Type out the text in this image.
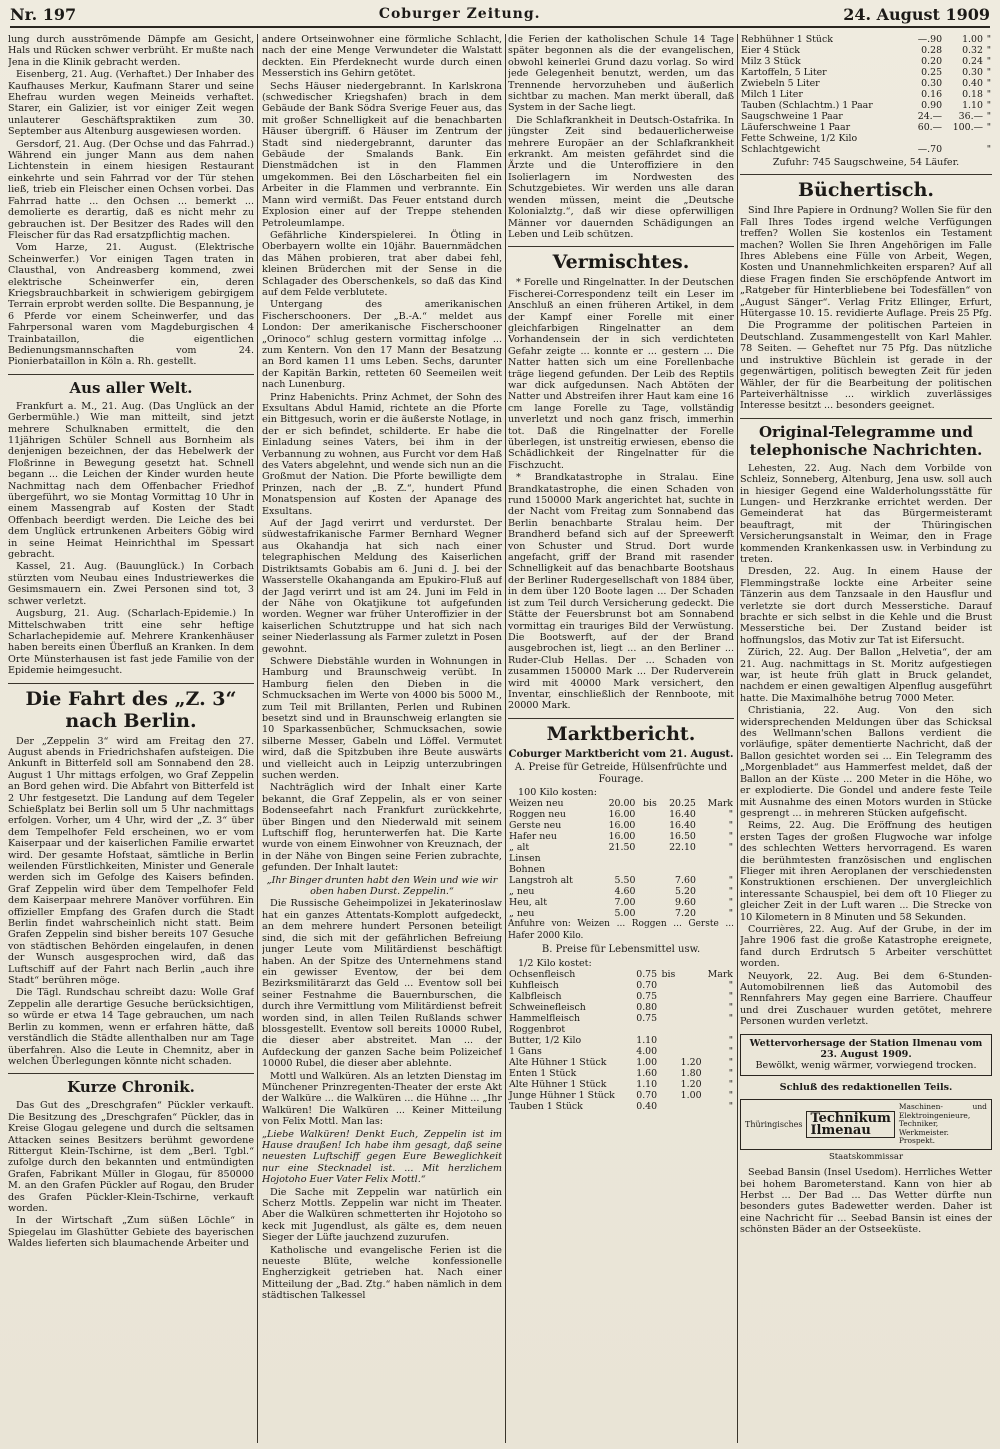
Nr. 197	Coburger Zeitung.	24. August 1909

lung durch ausströmende Dämpfe am Gesicht, Hals und Rücken schwer verbrüht. Er mußte nach Jena in die Klinik gebracht werden.

Eisenberg, 21. Aug. (Verhaftet.) Der Inhaber des Kaufhauses Merkur, Kaufmann Starer und seine Ehefrau wurden wegen Meineids verhaftet. Starer, ein Galizier, ist vor einiger Zeit wegen unlauterer Geschäftspraktiken zum 30. September aus Altenburg ausgewiesen worden.

Gersdorf, 21. Aug. (Der Ochse und das Fahrrad.) Während ein junger Mann aus dem nahen Lichtenstein in einem hiesigen Restaurant einkehrte und sein Fahrrad vor der Tür stehen ließ, trieb ein Fleischer einen Ochsen vorbei. Das Fahrrad hatte ... den Ochsen ... bemerkt ... demolierte es derartig, daß es nicht mehr zu gebrauchen ist. Der Besitzer des Rades will den Fleischer für das Rad ersatzpflichtig machen.

Vom Harze, 21. August. (Elektrische Scheinwerfer.) Vor einigen Tagen traten in Clausthal, von Andreasberg kommend, zwei elektrische Scheinwerfer ein, deren Kriegsbrauchbarkeit in schwierigem gebirgigem Terrain erprobt werden sollte. Die Bespannung, je 6 Pferde vor einem Scheinwerfer, und das Fahrpersonal waren vom Magdeburgischen 4 Trainbataillon, die eigentlichen Bedienungsmannschaften vom 24. Pionierbataillon in Köln a. Rh. gestellt.

Aus aller Welt.

Frankfurt a. M., 21. Aug. (Das Unglück an der Gerbermühle.) Wie man mitteilt, sind jetzt mehrere Schulknaben ermittelt, die den 11jährigen Schüler Schnell aus Bornheim als denjenigen bezeichnen, der das Hebelwerk der Floßrinne in Bewegung gesetzt hat. Schnell begann ... die Leichen der Kinder wurden heute Nachmittag nach dem Offenbacher Friedhof übergeführt, wo sie Montag Vormittag 10 Uhr in einem Massengrab auf Kosten der Stadt Offenbach beerdigt werden. Die Leiche des bei dem Unglück ertrunkenen Arbeiters Göbig wird in seine Heimat Heinrichthal im Spessart gebracht.

Kassel, 21. Aug. (Bauunglück.) In Corbach stürzten vom Neubau eines Industriewerkes die Gesimsmauern ein. Zwei Personen sind tot, 3 schwer verletzt.

Augsburg, 21. Aug. (Scharlach-Epidemie.) In Mittelschwaben tritt eine sehr heftige Scharlachepidemie auf. Mehrere Krankenhäuser haben bereits einen Überfluß an Kranken. In dem Orte Münsterhausen ist fast jede Familie von der Epidemie heimgesucht.

Die Fahrt des „Z. 3“ nach Berlin.

Der „Zeppelin 3“ wird am Freitag den 27. August abends in Friedrichshafen aufsteigen. Die Ankunft in Bitterfeld soll am Sonnabend den 28. August 1 Uhr mittags erfolgen, wo Graf Zeppelin an Bord gehen wird. Die Abfahrt von Bitterfeld ist 2 Uhr festgesetzt. Die Landung auf dem Tegeler Schießplatz bei Berlin soll um 5 Uhr nachmittags erfolgen. Vorher, um 4 Uhr, wird der „Z. 3“ über dem Tempelhofer Feld erscheinen, wo er vom Kaiserpaar und der kaiserlichen Familie erwartet wird. Der gesamte Hofstaat, sämtliche in Berlin weilenden Fürstlichkeiten, Minister und Generale werden sich im Gefolge des Kaisers befinden. Graf Zeppelin wird über dem Tempelhofer Feld dem Kaiserpaar mehrere Manöver vorführen. Ein offizieller Empfang des Grafen durch die Stadt Berlin findet wahrscheinlich nicht statt. Beim Grafen Zeppelin sind bisher bereits 107 Gesuche von städtischen Behörden eingelaufen, in denen der Wunsch ausgesprochen wird, daß das Luftschiff auf der Fahrt nach Berlin „auch ihre Stadt“ berühren möge.

Die Tägl. Rundschau schreibt dazu: Wolle Graf Zeppelin alle derartige Gesuche berücksichtigen, so würde er etwa 14 Tage gebrauchen, um nach Berlin zu kommen, wenn er erfahren hätte, daß verständlich die Städte allenthalben nur am Tage überfahren. Also die Leute in Chemnitz, aber in welchen Überlegungen könnte nicht schaden.

Kurze Chronik.

Das Gut des „Dreschgrafen“ Pückler verkauft. Die Besitzung des „Dreschgrafen“ Pückler, das in Kreise Glogau gelegene und durch die seltsamen Attacken seines Besitzers berühmt gewordene Rittergut Klein-Tschirne, ist dem „Berl. Tgbl.“ zufolge durch den bekannten und entmündigten Grafen, Fabrikant Müller in Glogau, für 850000 M. an den Grafen Pückler auf Rogau, den Bruder des Grafen Pückler-Klein-Tschirne, verkauft worden.

In der Wirtschaft „Zum süßen Löchle“ in Spiegelau im Glashütter Gebiete des bayerischen Waldes lieferten sich blaumachende Arbeiter und

andere Ortseinwohner eine förmliche Schlacht, nach der eine Menge Verwundeter die Walstatt deckten. Ein Pferdeknecht wurde durch einen Messerstich ins Gehirn getötet.

Sechs Häuser niedergebrannt. In Karlskrona (schwedischer Kriegshafen) brach in dem Gebäude der Bank Södra Sverige Feuer aus, das mit großer Schnelligkeit auf die benachbarten Häuser übergriff. 6 Häuser im Zentrum der Stadt sind niedergebrannt, darunter das Gebäude der Smalands Bank. Ein Dienstmädchen ist in den Flammen umgekommen. Bei den Löscharbeiten fiel ein Arbeiter in die Flammen und verbrannte. Ein Mann wird vermißt. Das Feuer entstand durch Explosion einer auf der Treppe stehenden Petroleumlampe.

Gefährliche Kinderspielerei. In Ötling in Oberbayern wollte ein 10jähr. Bauernmädchen das Mähen probieren, trat aber dabei fehl, kleinen Brüderchen mit der Sense in die Schlagader des Oberschenkels, so daß das Kind auf dem Felde verblutete.

Untergang des amerikanischen Fischerschooners. Der „B.-A.“ meldet aus London: Der amerikanische Fischerschooner „Orinoco“ schlug gestern vormittag infolge ... zum Kentern. Von den 17 Mann der Besatzung an Bord kamen 11 ums Leben. Sechs, darunter der Kapitän Barkin, retteten 60 Seemeilen weit nach Lunenburg.

Prinz Habenichts. Prinz Achmet, der Sohn des Exsultans Abdul Hamid, richtete an die Pforte ein Bittgesuch, worin er die äußerste Notlage, in der er sich befindet, schilderte. Er habe die Einladung seines Vaters, bei ihm in der Verbannung zu wohnen, aus Furcht vor dem Haß des Vaters abgelehnt, und wende sich nun an die Großmut der Nation. Die Pforte bewilligte dem Prinzen, nach der „B. Z.“, hundert Pfund Monatspension auf Kosten der Apanage des Exsultans.

Auf der Jagd verirrt und verdurstet. Der südwestafrikanische Farmer Bernhard Wegner aus Okahandja hat sich nach einer telegraphischen Meldung des Kaiserlichen Distriktsamts Gobabis am 6. Juni d. J. bei der Wasserstelle Okahanganda am Epukiro-Fluß auf der Jagd verirrt und ist am 24. Juni im Feld in der Nähe von Okatjikune tot aufgefunden worden. Wegner war früher Unteroffizier in der kaiserlichen Schutztruppe und hat sich nach seiner Niederlassung als Farmer zuletzt in Posen gewohnt.

Schwere Diebstähle wurden in Wohnungen in Hamburg und Braunschweig verübt. In Hamburg fielen den Dieben in die Schmucksachen im Werte von 4000 bis 5000 M., zum Teil mit Brillanten, Perlen und Rubinen besetzt sind und in Braunschweig erlangten sie 10 Sparkassenbücher, Schmucksachen, sowie silberne Messer, Gabeln und Löffel. Vermutet wird, daß die Spitzbuben ihre Beute auswärts und vielleicht auch in Leipzig unterzubringen suchen werden.

Nachträglich wird der Inhalt einer Karte bekannt, die Graf Zeppelin, als er von seiner Bodenseefahrt nach Frankfurt zurückkehrte, über Bingen und den Niederwald mit seinem Luftschiff flog, herunterwerfen hat. Die Karte wurde von einem Einwohner von Kreuznach, der in der Nähe von Bingen seine Ferien zubrachte, gefunden. Der Inhalt lautet:

„Ihr Binger drunten habt den Wein und wie wir oben haben Durst. Zeppelin.“

Die Russische Geheimpolizei in Jekaterinoslaw hat ein ganzes Attentats-Komplott aufgedeckt, an dem mehrere hundert Personen beteiligt sind, die sich mit der gefährlichen Befreiung junger Leute vom Militärdienst beschäftigt haben. An der Spitze des Unternehmens stand ein gewisser Eventow, der bei dem Bezirksmilitärarzt das Geld ... Eventow soll bei seiner Festnahme die Bauernburschen, die durch ihre Vermittlung vom Militärdienst befreit worden sind, in allen Teilen Rußlands schwer blossgestellt. Eventow soll bereits 10000 Rubel, die dieser aber abstreitet. Man ... der Aufdeckung der ganzen Sache beim Polizeichef 10000 Rubel, die dieser aber ablehnte.

Mottl und Walküren. Als an letzten Dienstag im Münchener Prinzregenten-Theater der erste Akt der Walküre ... die Walküren ... die Hühne ... „Ihr Walküren! Die Walküren ... Keiner Mitteilung von Felix Mottl. Man las:

„Liebe Walküren! Denkt Euch, Zeppelin ist im Hause draußen! Ich habe ihm gesagt, daß seine neuesten Luftschiff gegen Eure Beweglichkeit nur eine Stecknadel ist. ... Mit herzlichem Hojotoho Euer Vater Felix Mottl.“

Die Sache mit Zeppelin war natürlich ein Scherz Mottls. Zeppelin war nicht im Theater. Aber die Walküren schmetterten ihr Hojotoho so keck mit Jugendlust, als gälte es, dem neuen Sieger der Lüfte jauchzend zuzurufen.

Katholische und evangelische Ferien ist die neueste Blüte, welche konfessionelle Engherzigkeit getrieben hat. Nach einer Mitteilung der „Bad. Ztg.“ haben nämlich in dem städtischen Talkessel

die Ferien der katholischen Schule 14 Tage später begonnen als die der evangelischen, obwohl keinerlei Grund dazu vorlag. So wird jede Gelegenheit benutzt, werden, um das Trennende hervorzuheben und äußerlich sichtbar zu machen. Man merkt überall, daß System in der Sache liegt.

Die Schlafkrankheit in Deutsch-Ostafrika. In jüngster Zeit sind bedauerlicherweise mehrere Europäer an der Schlafkrankheit erkrankt. Am meisten gefährdet sind die Ärzte und die Unteroffiziere in den Isolierlagern im Nordwesten des Schutzgebietes. Wir werden uns alle daran wenden müssen, meint die „Deutsche Kolonialztg.“, daß wir diese opferwilligen Männer vor dauernden Schädigungen an Leben und Leib schützen.

Vermischtes.

* Forelle und Ringelnatter. In der Deutschen Fischerei-Correspondenz teilt ein Leser im Anschluß an einen früheren Artikel, in dem der Kampf einer Forelle mit einer gleichfarbigen Ringelnatter an dem Vorhandensein der in sich verdichteten Gefahr zeigte ... konnte er ... gestern ... Die Natter hatten sich um eine Forellenbache träge liegend gefunden. Der Leib des Reptils war dick aufgedunsen. Nach Abtöten der Natter und Abstreifen ihrer Haut kam eine 16 cm lange Forelle zu Tage, vollständig unverletzt und noch ganz frisch, immerhin tot. Daß die Ringelnatter der Forelle überlegen, ist unstreitig erwiesen, ebenso die Schädlichkeit der Ringelnatter für die Fischzucht.

* Brandkatastrophe in Stralau. Eine Brandkatastrophe, die einen Schaden von rund 150000 Mark angerichtet hat, suchte in der Nacht vom Freitag zum Sonnabend das Berlin benachbarte Stralau heim. Der Brandherd befand sich auf der Spreewerft von Schuster und Strud. Dort wurde angefacht, griff der Brand mit rasender Schnelligkeit auf das benachbarte Bootshaus der Berliner Rudergesellschaft von 1884 über, in dem über 120 Boote lagen ... Der Schaden ist zum Teil durch Versicherung gedeckt. Die Stätte der Feuersbrunst bot am Sonnabend vormittag ein trauriges Bild der Verwüstung. Die Bootswerft, auf der der Brand ausgebrochen ist, liegt ... an den Berliner ... Ruder-Club Hellas. Der ... Schaden von zusammen 150000 Mark ... Der Ruderverein wird mit 40000 Mark versichert, den Inventar, einschließlich der Rennboote, mit 20000 Mark.

Marktbericht.
Coburger Marktbericht vom 21. August.
A. Preise für Getreide, Hülsenfrüchte und Fourage.
100 Kilo kosten:
Weizen neu	20.00	bis	20.25	Mark
Roggen neu	16.00		16.40	"
Gerste neu	16.00		16.40	"
Hafer neu	16.00		16.50	"
„ alt	21.50		22.10	"
Linsen				
Bohnen				
Langstroh alt	5.50		7.60	"
„ neu	4.60		5.20	"
Heu, alt	7.00		9.60	"
„ neu	5.00		7.20	"
Anfuhre von: Weizen ... Roggen ... Gerste ... Hafer 2000 Kilo.
B. Preise für Lebensmittel usw.
1/2 Kilo kostet:
Ochsenfleisch	0.75	bis		Mark
Kuhfleisch	0.70			"
Kalbfleisch	0.75			"
Schweinefleisch	0.80			"
Hammelfleisch	0.75			"
Roggenbrot				
Butter, 1/2 Kilo	1.10			"
1 Gans	4.00			"
Alte Hühner 1 Stück	1.00		1.20	"
Enten 1 Stück	1.60		1.80	"
Alte Hühner 1 Stück	1.10		1.20	"
Junge Hühner 1 Stück	0.70		1.00	"
Tauben 1 Stück	0.40			"
Rebhühner 1 Stück	—.90	1.00	"
Eier 4 Stück	0.28	0.32	"
Milz 3 Stück	0.20	0.24	"
Kartoffeln, 5 Liter	0.25	0.30	"
Zwiebeln 5 Liter	0.30	0.40	"
Milch 1 Liter	0.16	0.18	"
Tauben (Schlachtm.) 1 Paar	0.90	1.10	"
Saugschweine 1 Paar	24.—	36.—	"
Läuferschweine 1 Paar	60.—	100.—	"
Fette Schweine, 1/2 Kilo			
Schlachtgewicht	—.70		"
Zufuhr: 745 Saugschweine, 54 Läufer.
Büchertisch.

Sind Ihre Papiere in Ordnung? Wollen Sie für den Fall Ihres Todes irgend welche Verfügungen treffen? Wollen Sie kostenlos ein Testament machen? Wollen Sie Ihren Angehörigen im Falle Ihres Ablebens eine Fülle von Arbeit, Wegen, Kosten und Unannehmlichkeiten ersparen? Auf all diese Fragen finden Sie erschöpfende Antwort im „Ratgeber für Hinterbliebene bei Todesfällen“ von „August Sänger“. Verlag Fritz Ellinger, Erfurt, Hütergasse 10. 15. revidierte Auflage. Preis 25 Pfg.

Die Programme der politischen Parteien in Deutschland. Zusammengestellt von Karl Mahler. 78 Seiten. — Geheftet nur 75 Pfg. Das nützliche und instruktive Büchlein ist gerade in der gegenwärtigen, politisch bewegten Zeit für jeden Wähler, der für die Bearbeitung der politischen Parteiverhältnisse ... wirklich zuverlässiges Interesse besitzt ... besonders geeignet.

Original-Telegramme und telephonische Nachrichten.

Lehesten, 22. Aug. Nach dem Vorbilde von Schleiz, Sonneberg, Altenburg, Jena usw. soll auch in hiesiger Gegend eine Walderholungsstätte für Lungen- und Herzkranke errichtet werden. Der Gemeinderat hat das Bürgermeisteramt beauftragt, mit der Thüringischen Versicherungsanstalt in Weimar, den in Frage kommenden Krankenkassen usw. in Verbindung zu treten.

Dresden, 22. Aug. In einem Hause der Flemmingstraße lockte eine Arbeiter seine Tänzerin aus dem Tanzsaale in den Hausflur und verletzte sie dort durch Messerstiche. Darauf brachte er sich selbst in die Kehle und die Brust Messerstiche bei. Der Zustand beider ist hoffnungslos, das Motiv zur Tat ist Eifersucht.

Zürich, 22. Aug. Der Ballon „Helvetia“, der am 21. Aug. nachmittags in St. Moritz aufgestiegen war, ist heute früh glatt in Bruck gelandet, nachdem er einen gewaltigen Alpenflug ausgeführt hatte. Die Maximalhöhe betrug 7000 Meter.

Christiania, 22. Aug. Von den sich widersprechenden Meldungen über das Schicksal des Wellmann'schen Ballons verdient die vorläufige, später dementierte Nachricht, daß der Ballon gesichtet worden sei ... Ein Telegramm des „Morgenbladet“ aus Hammerfest meldet, daß der Ballon an der Küste ... 200 Meter in die Höhe, wo er explodierte. Die Gondel und andere feste Teile mit Ausnahme des einen Motors wurden in Stücke gesprengt ... in mehreren Stücken aufgefischt.

Reims, 22. Aug. Die Eröffnung des heutigen ersten Tages der großen Flugwoche war infolge des schlechten Wetters hervorragend. Es waren die berühmtesten französischen und englischen Flieger mit ihren Aeroplanen der verschiedensten Konstruktionen erschienen. Der unvergleichlich interessante Schauspiel, bei dem oft 10 Flieger zu gleicher Zeit in der Luft waren ... Die Strecke von 10 Kilometern in 8 Minuten und 58 Sekunden.

Courrières, 22. Aug. Auf der Grube, in der im Jahre 1906 fast die große Katastrophe ereignete, fand durch Erdrutsch 5 Arbeiter verschüttet worden.

Neuyork, 22. Aug. Bei dem 6-Stunden-Automobilrennen ließ das Automobil des Rennfahrers May gegen eine Barriere. Chauffeur und drei Zuschauer wurden getötet, mehrere Personen wurden verletzt.

Wettervorhersage der Station Ilmenau vom 23. August 1909.
Bewölkt, wenig wärmer, vorwiegend trocken.
Schluß des redaktionellen Teils.
Thüringisches Technikum Ilmenau
Maschinen- und Elektroingenieure, Techniker, Werkmeister. Prospekt.
Staatskommissar

Seebad Bansin (Insel Usedom). Herrliches Wetter bei hohem Barometerstand. Kann von hier ab Herbst ... Der Bad ... Das Wetter dürfte nun besonders gutes Badewetter werden. Daher ist eine Nachricht für ... Seebad Bansin ist eines der schönsten Bäder an der Ostseeküste.
